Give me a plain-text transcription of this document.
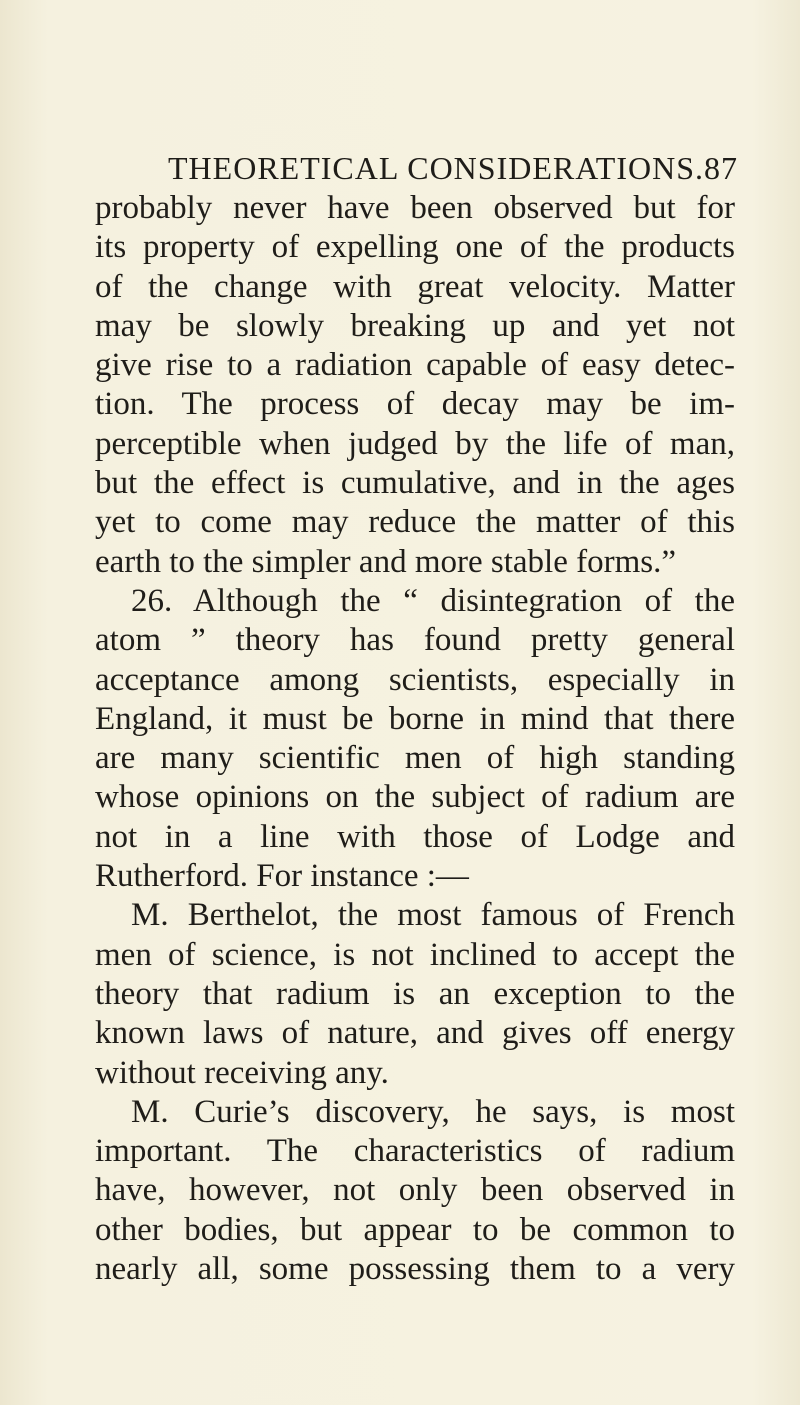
THEORETICAL CONSIDERATIONS. 87
probably never have been observed but for
its property of expelling one of the products
of the change with great velocity. Matter
may be slowly breaking up and yet not
give rise to a radiation capable of easy detec-
tion. The process of decay may be im-
perceptible when judged by the life of man,
but the effect is cumulative, and in the ages
yet to come may reduce the matter of this
earth to the simpler and more stable forms.”
26. Although the “ disintegration of the
atom ” theory has found pretty general
acceptance among scientists, especially in
England, it must be borne in mind that there
are many scientific men of high standing
whose opinions on the subject of radium are
not in a line with those of Lodge and
Rutherford. For instance :—
M. Berthelot, the most famous of French
men of science, is not inclined to accept the
theory that radium is an exception to the
known laws of nature, and gives off energy
without receiving any.
M. Curie’s discovery, he says, is most
important. The characteristics of radium
have, however, not only been observed in
other bodies, but appear to be common to
nearly all, some possessing them to a very
